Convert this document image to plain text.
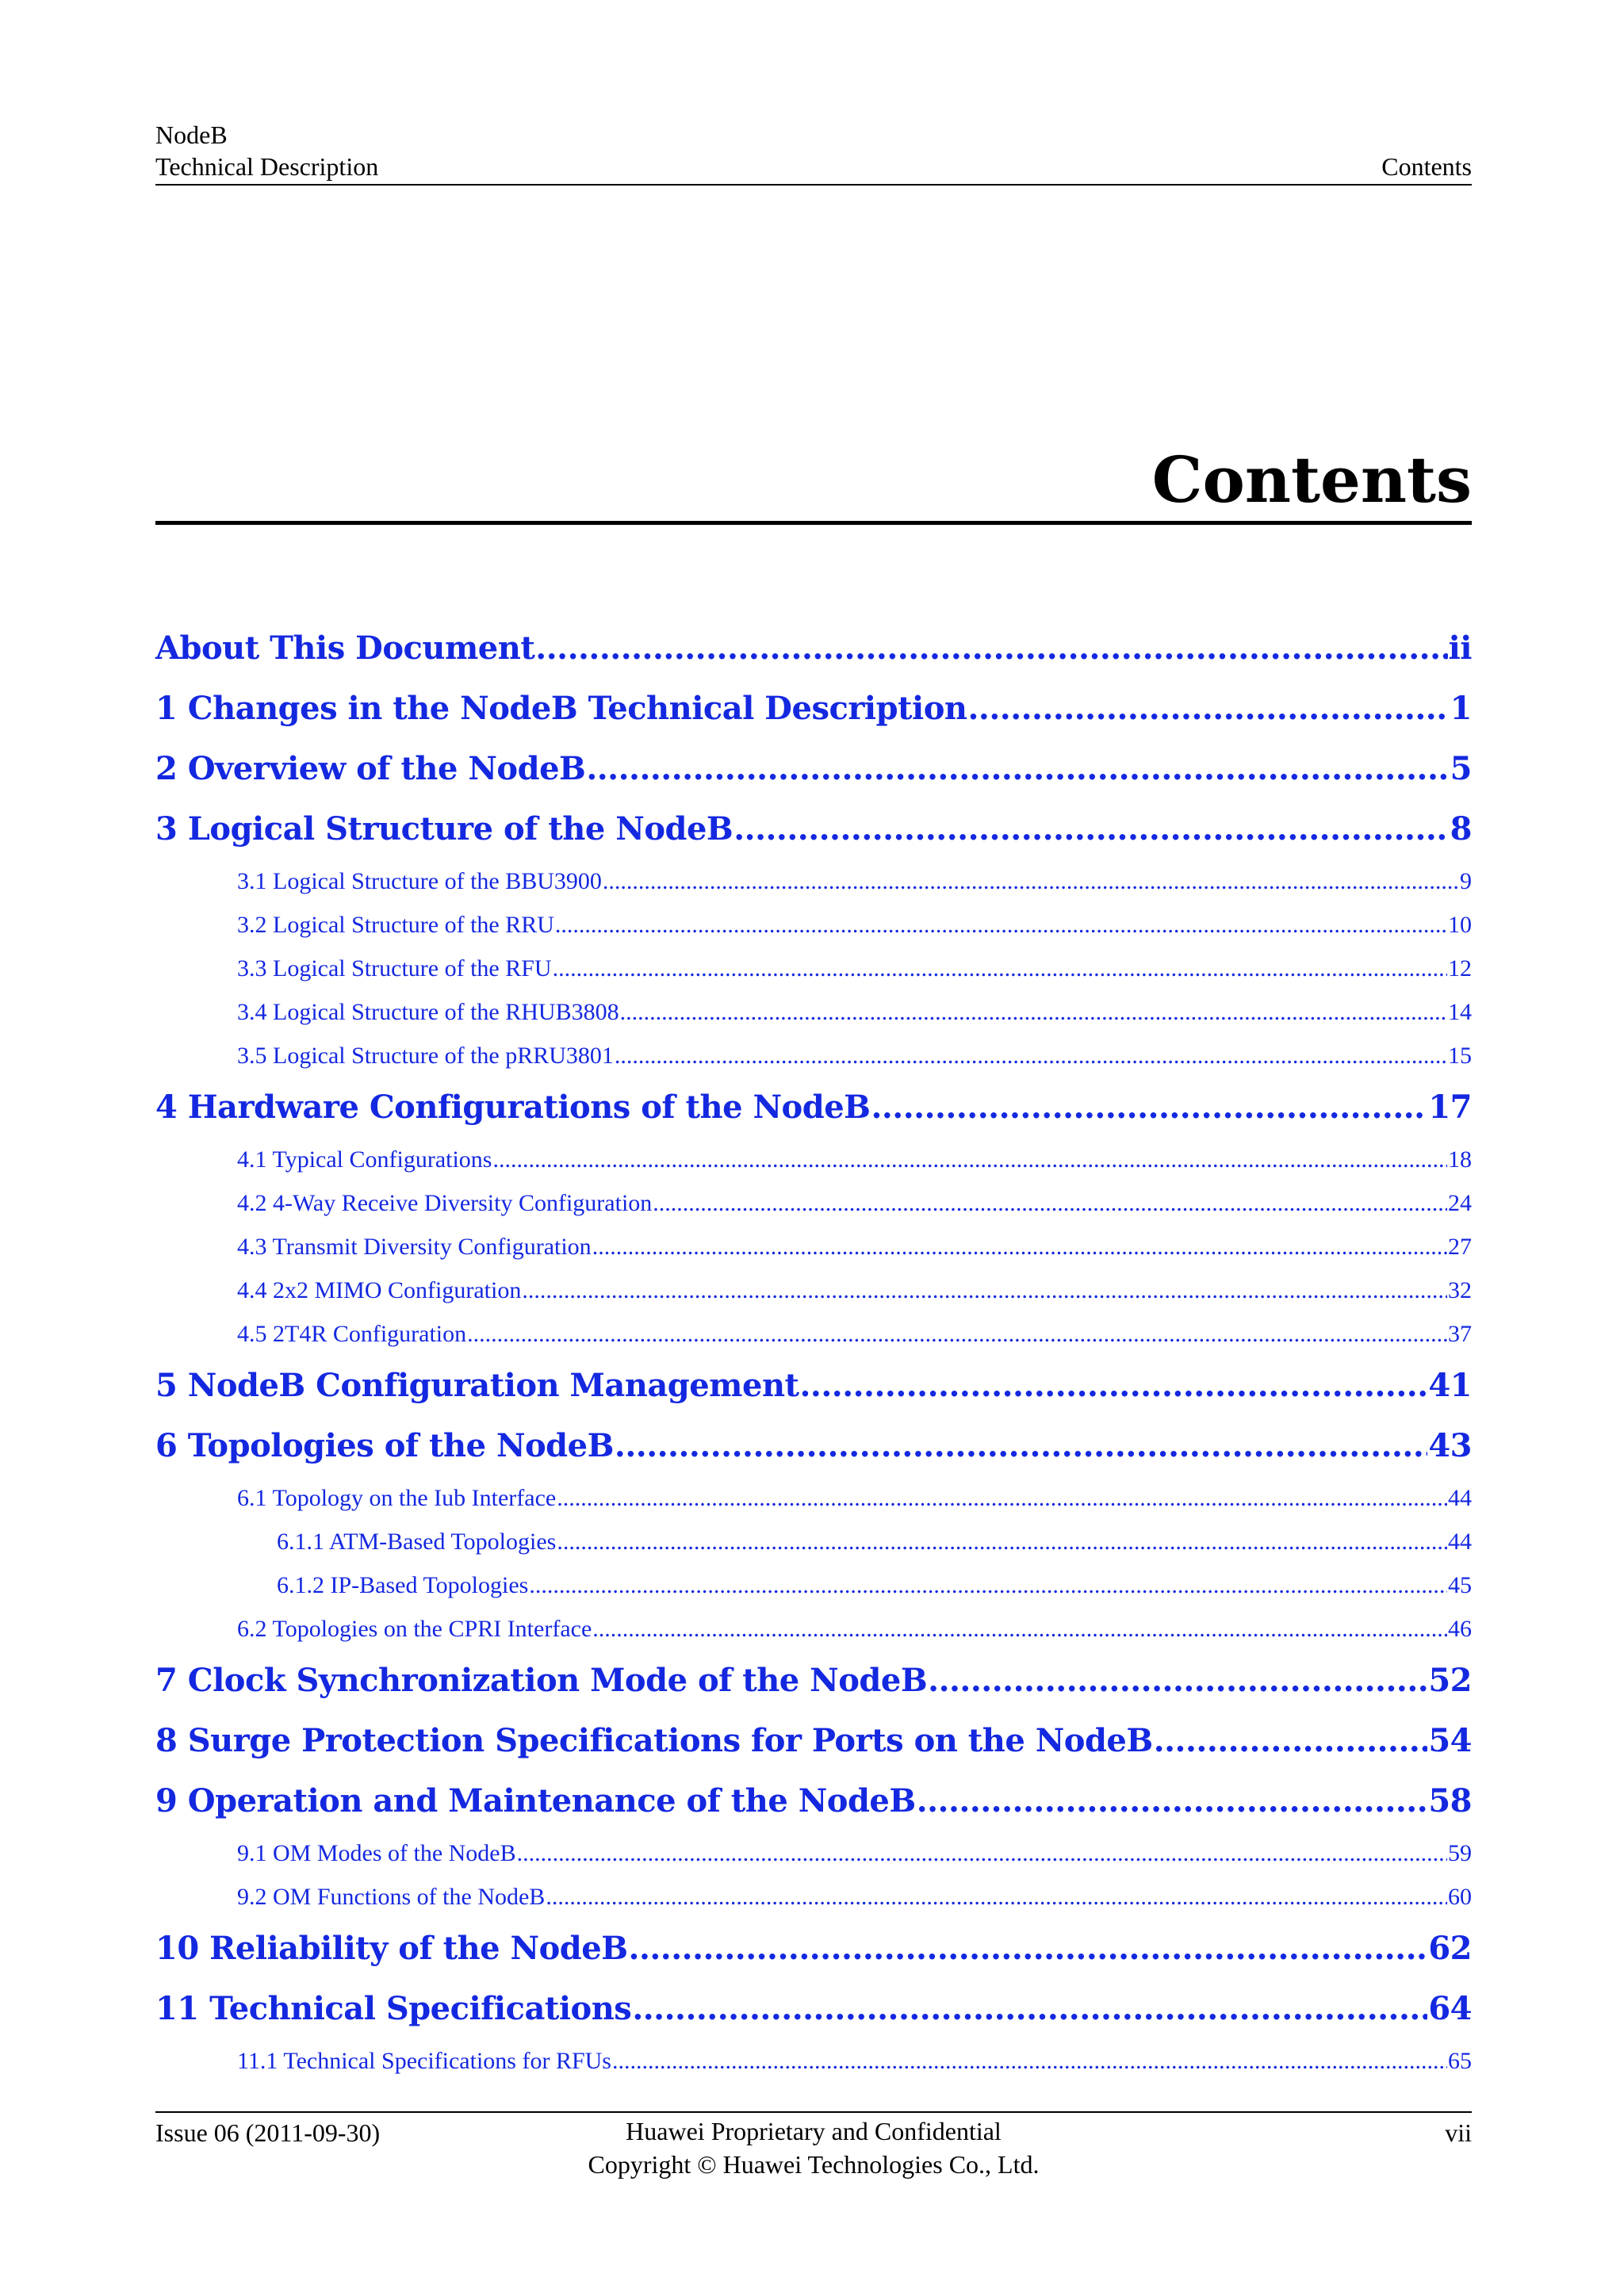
NodeB
Technical Description	Contents
Contents
About This Document .....	ii
1 Changes in the NodeB Technical Description .....	1
2 Overview of the NodeB .....	5
3 Logical Structure of the NodeB .....	8
3.1 Logical Structure of the BBU3900 .....	9
3.2 Logical Structure of the RRU .....	10
3.3 Logical Structure of the RFU .....	12
3.4 Logical Structure of the RHUB3808 .....	14
3.5 Logical Structure of the pRRU3801 .....	15
4 Hardware Configurations of the NodeB .....	17
4.1 Typical Configurations .....	18
4.2 4-Way Receive Diversity Configuration .....	24
4.3 Transmit Diversity Configuration .....	27
4.4 2x2 MIMO Configuration .....	32
4.5 2T4R Configuration .....	37
5 NodeB Configuration Management .....	41
6 Topologies of the NodeB .....	43
6.1 Topology on the Iub Interface .....	44
6.1.1 ATM-Based Topologies .....	44
6.1.2 IP-Based Topologies .....	45
6.2 Topologies on the CPRI Interface .....	46
7 Clock Synchronization Mode of the NodeB .....	52
8 Surge Protection Specifications for Ports on the NodeB .....	54
9 Operation and Maintenance of the NodeB .....	58
9.1 OM Modes of the NodeB .....	59
9.2 OM Functions of the NodeB .....	60
10 Reliability of the NodeB .....	62
11 Technical Specifications .....	64
11.1 Technical Specifications for RFUs .....	65
Issue 06 (2011-09-30)	Huawei Proprietary and Confidential
Copyright © Huawei Technologies Co., Ltd.
vii
